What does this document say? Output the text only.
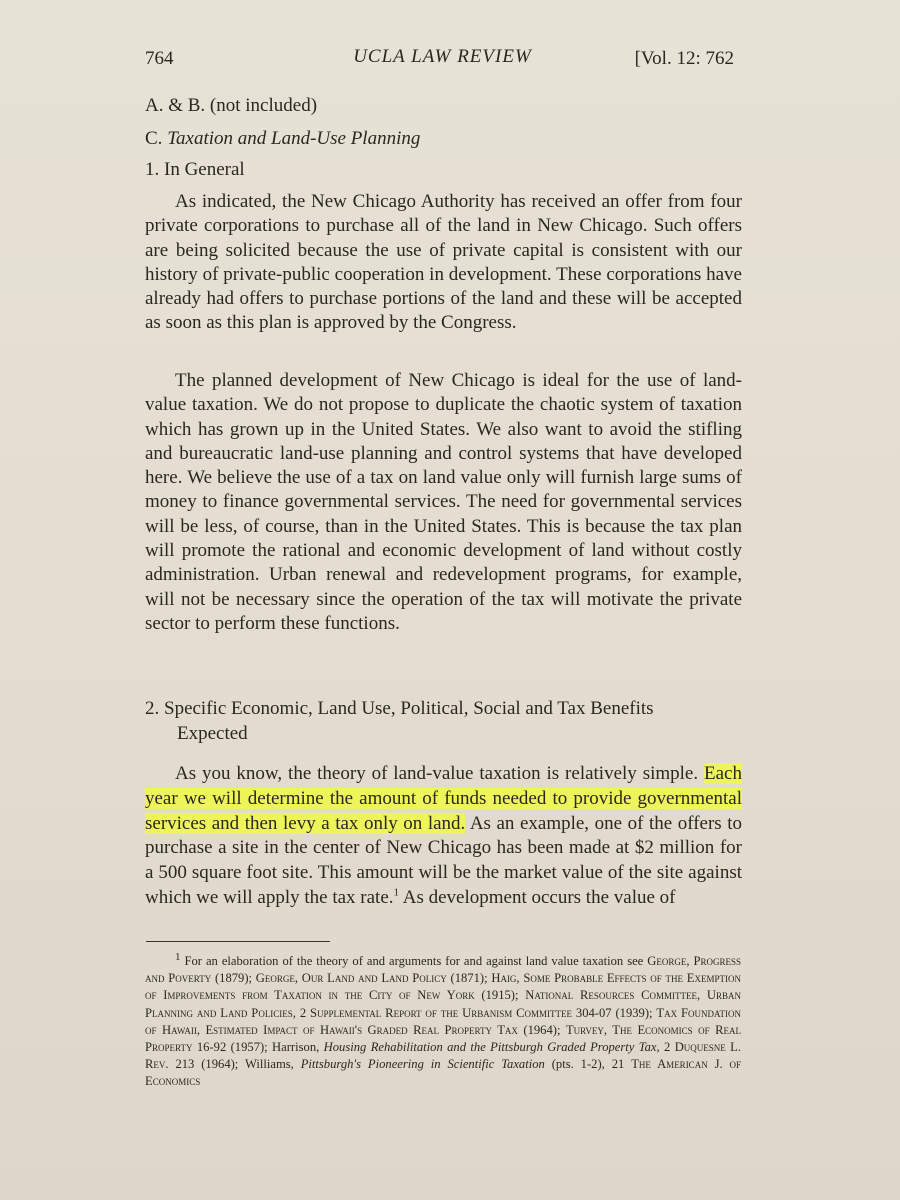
764	UCLA LAW REVIEW	[Vol. 12: 762
A. & B. (not included)
C. Taxation and Land-Use Planning
1. In General

As indicated, the New Chicago Authority has received an offer from four private corporations to purchase all of the land in New Chicago. Such offers are being solicited because the use of private capital is consistent with our history of private-public cooperation in development. These corporations have already had offers to purchase portions of the land and these will be accepted as soon as this plan is approved by the Congress.

The planned development of New Chicago is ideal for the use of land-value taxation. We do not propose to duplicate the chaotic system of taxation which has grown up in the United States. We also want to avoid the stifling and bureaucratic land-use planning and control systems that have developed here. We believe the use of a tax on land value only will furnish large sums of money to finance governmental services. The need for governmental services will be less, of course, than in the United States. This is because the tax plan will promote the rational and economic development of land without costly administration. Urban renewal and redevelopment programs, for example, will not be necessary since the operation of the tax will motivate the private sector to perform these functions.

2. Specific Economic, Land Use, Political, Social and Tax Benefits
Expected

As you know, the theory of land-value taxation is relatively simple. Each year we will determine the amount of funds needed to provide governmental services and then levy a tax only on land. As an example, one of the offers to purchase a site in the center of New Chicago has been made at $2 million for a 500 square foot site. This amount will be the market value of the site against which we will apply the tax rate.$^1$ As development occurs the value of

$^1$ For an elaboration of the theory of and arguments for and against land value taxation see George, Progress and Poverty (1879); George, Our Land and Land Policy (1871); Haig, Some Probable Effects of the Exemption of Improvements from Taxation in the City of New York (1915); National Resources Committee, Urban Planning and Land Policies, 2 Supplemental Report of the Urbanism Committee 304-07 (1939); Tax Foundation of Hawaii, Estimated Impact of Hawaii's Graded Real Property Tax (1964); Turvey, The Economics of Real Property 16-92 (1957); Harrison, Housing Rehabilitation and the Pittsburgh Graded Property Tax, 2 Duquesne L. Rev. 213 (1964); Williams, Pittsburgh's Pioneering in Scientific Taxation (pts. 1-2), 21 The American J. of Economics
